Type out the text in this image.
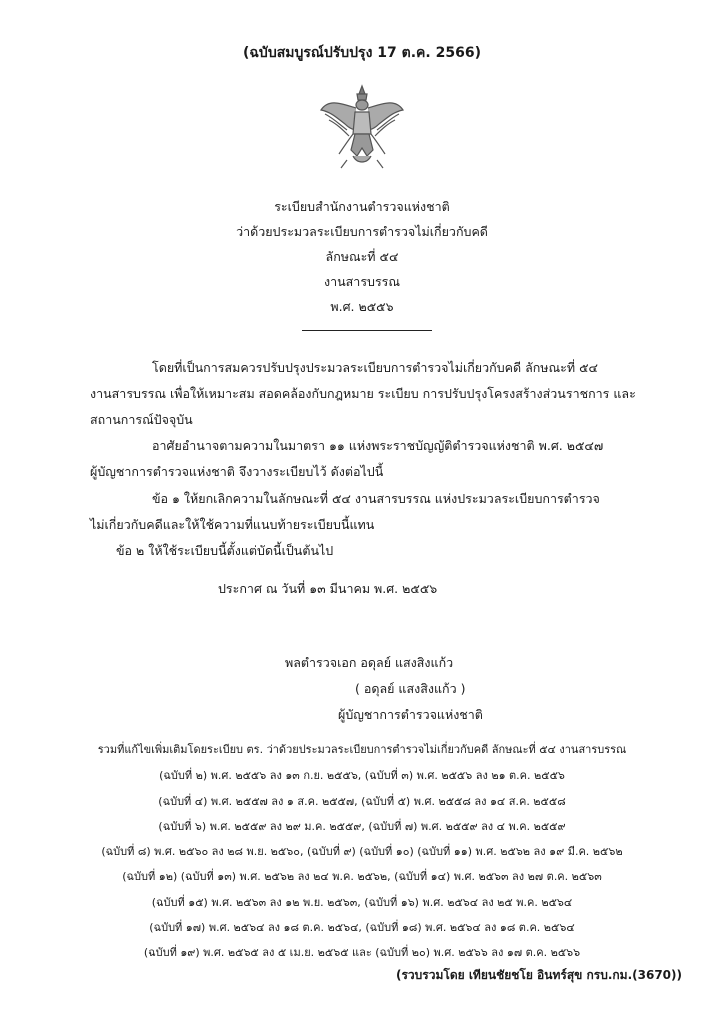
(ฉบับสมบูรณ์ปรับปรุง 17 ต.ค. 2566)
ระเบียบสำนักงานตำรวจแห่งชาติ
ว่าด้วยประมวลระเบียบการตำรวจไม่เกี่ยวกับคดี
ลักษณะที่ ๕๔
งานสารบรรณ
พ.ศ. ๒๕๕๖
โดยที่เป็นการสมควรปรับปรุงประมวลระเบียบการตำรวจไม่เกี่ยวกับคดี ลักษณะที่ ๕๔
งานสารบรรณ เพื่อให้เหมาะสม สอดคล้องกับกฎหมาย ระเบียบ การปรับปรุงโครงสร้างส่วนราชการ และ
สถานการณ์ปัจจุบัน
อาศัยอำนาจตามความในมาตรา ๑๑ แห่งพระราชบัญญัติตำรวจแห่งชาติ พ.ศ. ๒๕๔๗
ผู้บัญชาการตำรวจแห่งชาติ จึงวางระเบียบไว้ ดังต่อไปนี้
ข้อ ๑ ให้ยกเลิกความในลักษณะที่ ๕๔ งานสารบรรณ แห่งประมวลระเบียบการตำรวจ
ไม่เกี่ยวกับคดีและให้ใช้ความที่แนบท้ายระเบียบนี้แทน
ข้อ ๒ ให้ใช้ระเบียบนี้ตั้งแต่บัดนี้เป็นต้นไป
ประกาศ ณ วันที่ ๑๓ มีนาคม พ.ศ. ๒๕๕๖
พลตำรวจเอก อดุลย์ แสงสิงแก้ว
( อดุลย์ แสงสิงแก้ว )
ผู้บัญชาการตำรวจแห่งชาติ
รวมที่แก้ไขเพิ่มเติมโดยระเบียบ ตร. ว่าด้วยประมวลระเบียบการตำรวจไม่เกี่ยวกับคดี ลักษณะที่ ๕๔ งานสารบรรณ
(ฉบับที่ ๒) พ.ศ. ๒๕๕๖ ลง ๑๓ ก.ย. ๒๕๕๖, (ฉบับที่ ๓) พ.ศ. ๒๕๕๖ ลง ๒๑ ต.ค. ๒๕๕๖
(ฉบับที่ ๔) พ.ศ. ๒๕๕๗ ลง ๑ ส.ค. ๒๕๕๗, (ฉบับที่ ๕) พ.ศ. ๒๕๕๘ ลง ๑๔ ส.ค. ๒๕๕๘
(ฉบับที่ ๖) พ.ศ. ๒๕๕๙ ลง ๒๙ ม.ค. ๒๕๕๙, (ฉบับที่ ๗) พ.ศ. ๒๕๕๙ ลง ๔ พ.ค. ๒๕๕๙
(ฉบับที่ ๘) พ.ศ. ๒๕๖๐ ลง ๒๘ พ.ย. ๒๕๖๐, (ฉบับที่ ๙) (ฉบับที่ ๑๐) (ฉบับที่ ๑๑) พ.ศ. ๒๕๖๒ ลง ๑๙ มี.ค. ๒๕๖๒
(ฉบับที่ ๑๒) (ฉบับที่ ๑๓) พ.ศ. ๒๕๖๒ ลง ๒๔ พ.ค. ๒๕๖๒, (ฉบับที่ ๑๔) พ.ศ. ๒๕๖๓ ลง ๒๗ ต.ค. ๒๕๖๓
(ฉบับที่ ๑๕) พ.ศ. ๒๕๖๓ ลง ๑๒ พ.ย. ๒๕๖๓, (ฉบับที่ ๑๖) พ.ศ. ๒๕๖๔ ลง ๒๕ พ.ค. ๒๕๖๔
(ฉบับที่ ๑๗) พ.ศ. ๒๕๖๔ ลง ๑๘ ต.ค. ๒๕๖๔, (ฉบับที่ ๑๘) พ.ศ. ๒๕๖๔ ลง ๑๘ ต.ค. ๒๕๖๔
(ฉบับที่ ๑๙) พ.ศ. ๒๕๖๕ ลง ๕ เม.ย. ๒๕๖๕ และ (ฉบับที่ ๒๐) พ.ศ. ๒๕๖๖ ลง ๑๗ ต.ค. ๒๕๖๖
(รวบรวมโดย เทียนชัยชโย อินทร์สุข กรบ.กม.(3670))
